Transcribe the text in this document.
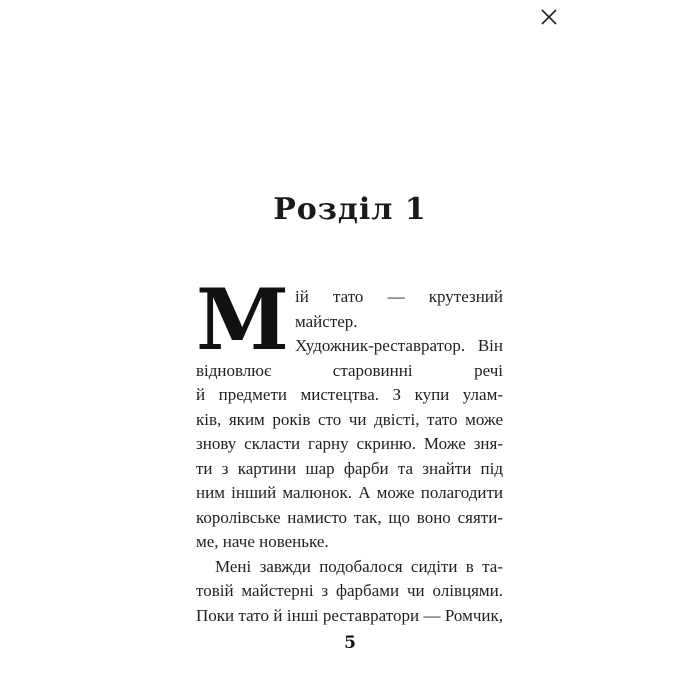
Розділ 1

М ій тато — крутезний майстер.
Художник-реставратор. Він
відновлює старовинні речі
й предмети мистецтва. З купи улам-
ків, яким років сто чи двісті, тато може
знову скласти гарну скриню. Може зня-
ти з картини шар фарби та знайти під
ним інший малюнок. А може полагодити
королівське намисто так, що воно сяяти-
ме, наче новеньке.

Мені завжди подобалося сидіти в та-
товій майстерні з фарбами чи олівцями.
Поки тато й інші реставратори — Ромчик,

5
